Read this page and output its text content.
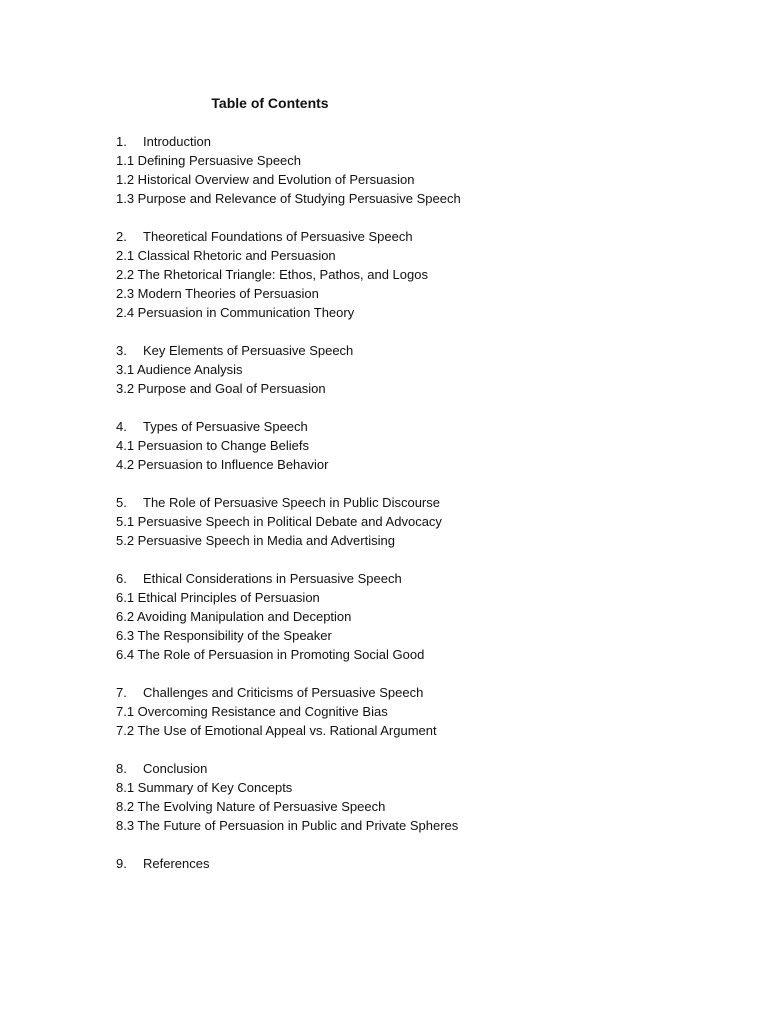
Table of Contents
1. Introduction
1.1 Defining Persuasive Speech
1.2 Historical Overview and Evolution of Persuasion
1.3 Purpose and Relevance of Studying Persuasive Speech
2. Theoretical Foundations of Persuasive Speech
2.1 Classical Rhetoric and Persuasion
2.2 The Rhetorical Triangle: Ethos, Pathos, and Logos
2.3 Modern Theories of Persuasion
2.4 Persuasion in Communication Theory
3. Key Elements of Persuasive Speech
3.1 Audience Analysis
3.2 Purpose and Goal of Persuasion
4. Types of Persuasive Speech
4.1 Persuasion to Change Beliefs
4.2 Persuasion to Influence Behavior
5. The Role of Persuasive Speech in Public Discourse
5.1 Persuasive Speech in Political Debate and Advocacy
5.2 Persuasive Speech in Media and Advertising
6. Ethical Considerations in Persuasive Speech
6.1 Ethical Principles of Persuasion
6.2 Avoiding Manipulation and Deception
6.3 The Responsibility of the Speaker
6.4 The Role of Persuasion in Promoting Social Good
7. Challenges and Criticisms of Persuasive Speech
7.1 Overcoming Resistance and Cognitive Bias
7.2 The Use of Emotional Appeal vs. Rational Argument
8. Conclusion
8.1 Summary of Key Concepts
8.2 The Evolving Nature of Persuasive Speech
8.3 The Future of Persuasion in Public and Private Spheres
9. References
